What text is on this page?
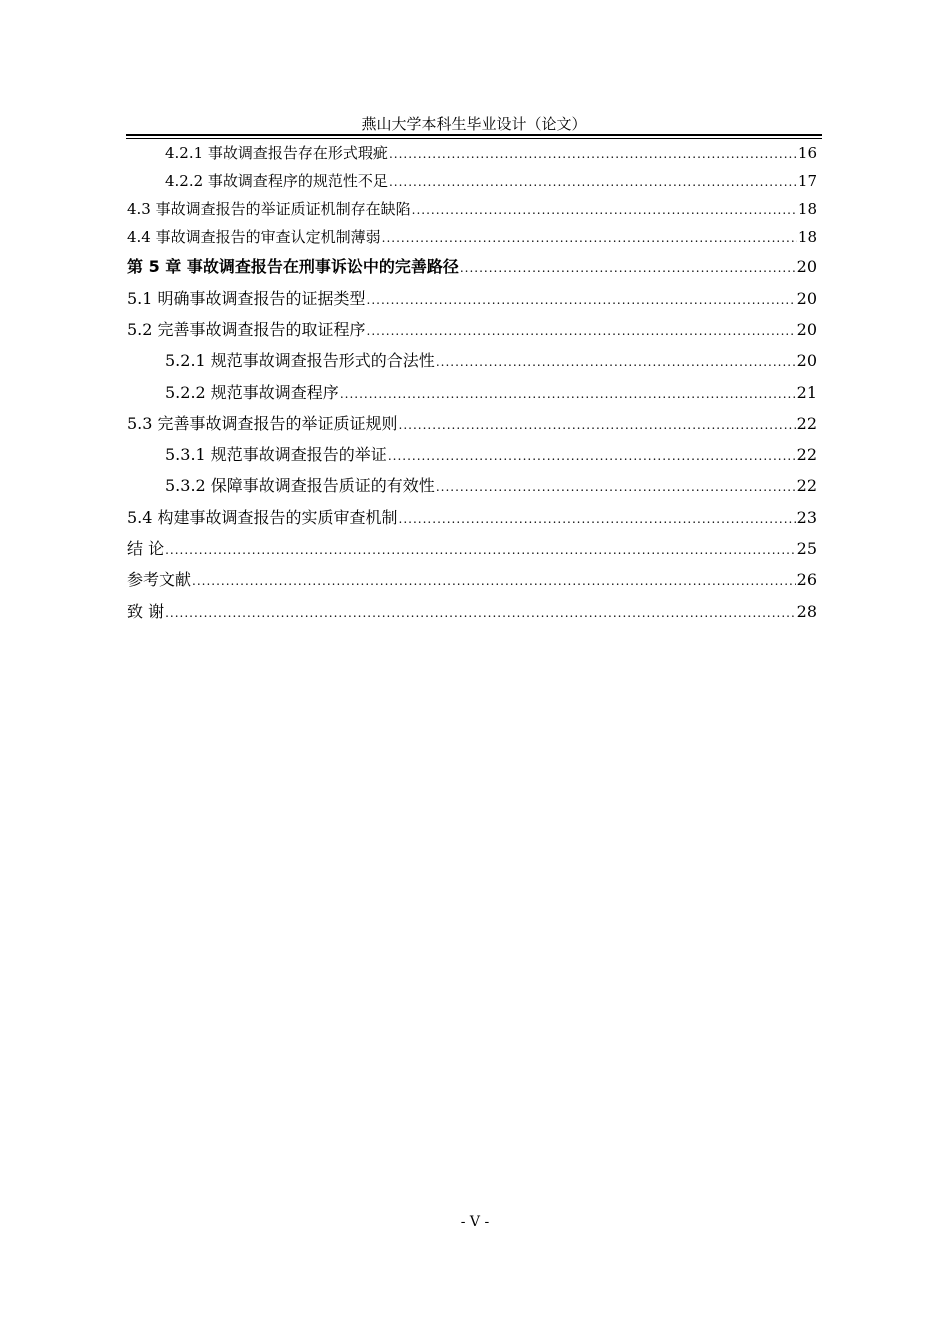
燕山大学本科生毕业设计（论文）
4.2.1 事故调查报告存在形式瑕疵 .....	16
4.2.2 事故调查程序的规范性不足 .....	17
4.3 事故调查报告的举证质证机制存在缺陷 .....	18
4.4 事故调查报告的审查认定机制薄弱 .....	18
第 5 章 事故调查报告在刑事诉讼中的完善路径 .....	20
5.1 明确事故调查报告的证据类型 .....	20
5.2 完善事故调查报告的取证程序 .....	20
5.2.1 规范事故调查报告形式的合法性 .....	20
5.2.2 规范事故调查程序 .....	21
5.3 完善事故调查报告的举证质证规则 .....	22
5.3.1 规范事故调查报告的举证 .....	22
5.3.2 保障事故调查报告质证的有效性 .....	22
5.4 构建事故调查报告的实质审查机制 .....	23
结 论 .....	25
参考文献 .....	26
致 谢 .....	28
- V -
